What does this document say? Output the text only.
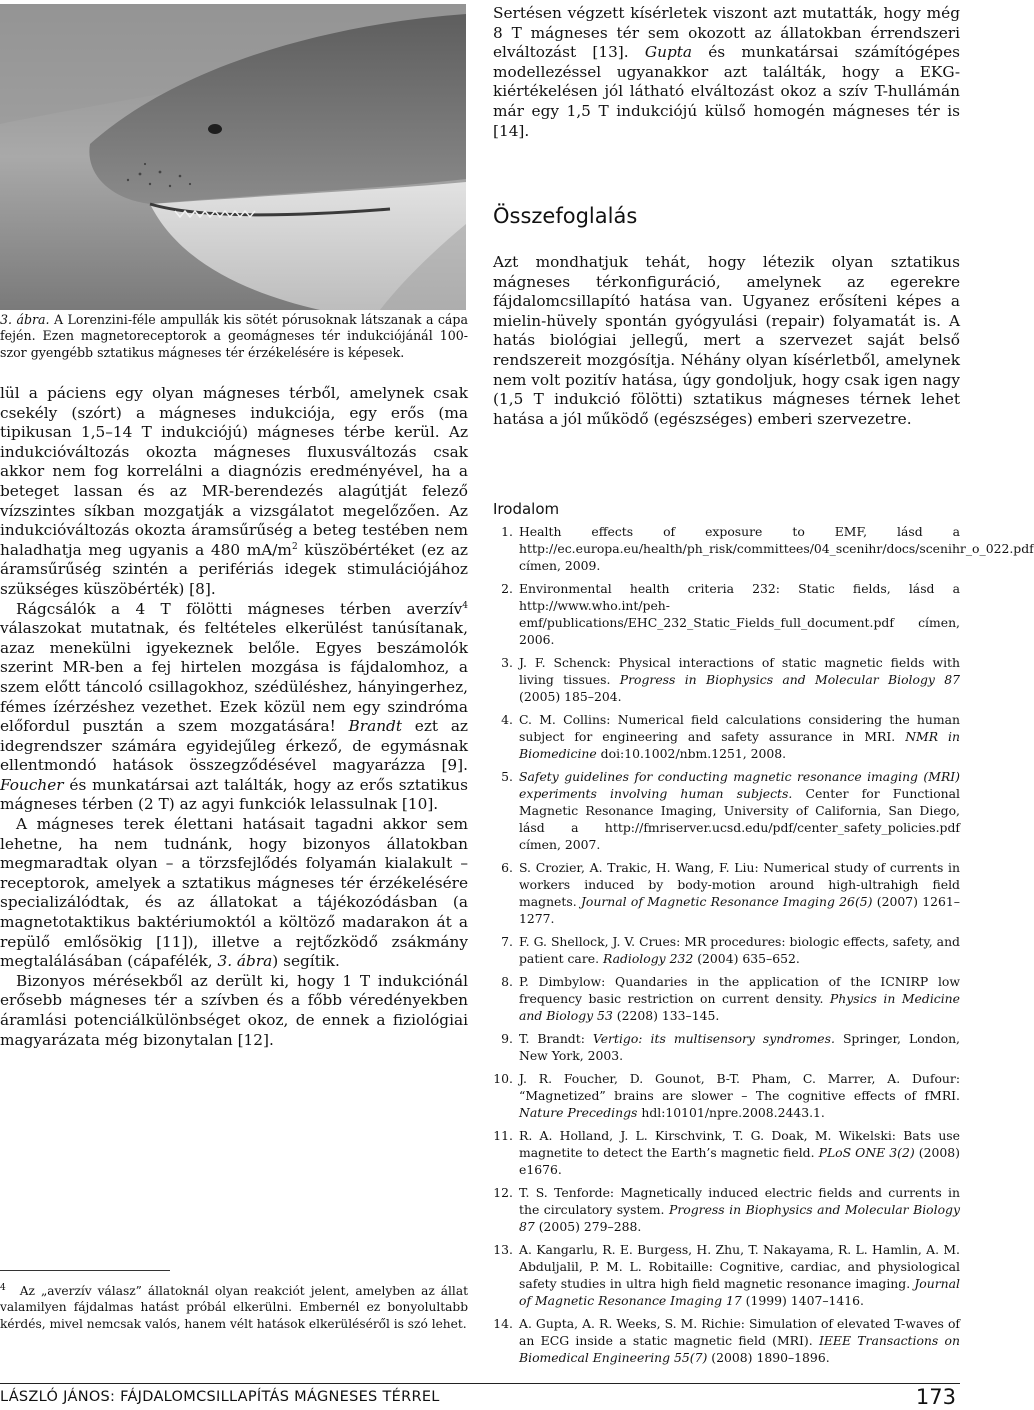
3. ábra. A Lorenzini-féle ampullák kis sötét pórusoknak látszanak a cápa fején. Ezen magnetoreceptorok a geomágneses tér indukciójánál 100-szor gyengébb sztatikus mágneses tér érzékelésére is képesek.

lül a páciens egy olyan mágneses térből, amelynek csak csekély (szórt) a mágneses indukciója, egy erős (ma tipikusan 1,5–14 T indukciójú) mágneses térbe kerül. Az indukcióváltozás okozta mágneses fluxusváltozás csak akkor nem fog korrelálni a diagnózis eredményével, ha a beteget lassan és az MR-berendezés alagútját felező vízszintes síkban mozgatják a vizsgálatot megelőzően. Az indukcióváltozás okozta áramsűrűség a beteg testében nem haladhatja meg ugyanis a 480 $mA/m^2$ küszöbértéket (ez az áramsűrűség szintén a perifériás idegek stimulációjához szükséges küszöbérték) [8].

Rágcsálók a 4 T fölötti mágneses térben averzív$^4$ válaszokat mutatnak, és feltételes elkerülést tanúsítanak, azaz menekülni igyekeznek belőle. Egyes beszámolók szerint MR-ben a fej hirtelen mozgása is fájdalomhoz, a szem előtt táncoló csillagokhoz, szédüléshez, hányingerhez, fémes ízérzéshez vezethet. Ezek közül nem egy szindróma előfordul pusztán a szem mozgatására! Brandt ezt az idegrendszer számára egyidejűleg érkező, de egymásnak ellentmondó hatások összegződésével magyarázza [9]. Foucher és munkatársai azt találták, hogy az erős sztatikus mágneses térben (2 T) az agyi funkciók lelassulnak [10].

A mágneses terek élettani hatásait tagadni akkor sem lehetne, ha nem tudnánk, hogy bizonyos állatokban megmaradtak olyan – a törzsfejlődés folyamán kialakult – receptorok, amelyek a sztatikus mágneses tér érzékelésére specializálódtak, és az állatokat a tájékozódásban (a magnetotaktikus baktériumoktól a költöző madarakon át a repülő emlősökig [11]), illetve a rejtőzködő zsákmány megtalálásában (cápafélék, 3. ábra) segítik.

Bizonyos mérésekből az derült ki, hogy 1 T indukciónál erősebb mágneses tér a szívben és a főbb véredényekben áramlási potenciálkülönbséget okoz, de ennek a fiziológiai magyarázata még bizonytalan [12].

$^4$ Az „averzív válasz” állatoknál olyan reakciót jelent, amelyben az állat valamilyen fájdalmas hatást próbál elkerülni. Embernél ez bonyolultabb kérdés, mivel nemcsak valós, hanem vélt hatások elkerüléséről is szó lehet.
Sertésen végzett kísérletek viszont azt mutatták, hogy még 8 T mágneses tér sem okozott az állatokban érrendszeri elváltozást [13]. Gupta és munkatársai számítógépes modellezéssel ugyanakkor azt találták, hogy a EKG-kiértékelésen jól látható elváltozást okoz a szív T-hullámán már egy 1,5 T indukciójú külső homogén mágneses tér is [14].
Összefoglalás
Azt mondhatjuk tehát, hogy létezik olyan sztatikus mágneses térkonfiguráció, amelynek az egerekre fájdalomcsillapító hatása van. Ugyanez erősíteni képes a mielin-hüvely spontán gyógyulási (repair) folyamatát is. A hatás biológiai jellegű, mert a szervezet saját belső rendszereit mozgósítja. Néhány olyan kísérletből, amelynek nem volt pozitív hatása, úgy gondoljuk, hogy csak igen nagy (1,5 T indukció fölötti) sztatikus mágneses térnek lehet hatása a jól működő (egészséges) emberi szervezetre.
Irodalom
1. Health effects of exposure to EMF, lásd a http://ec.europa.eu/health/ph_risk/committees/04_scenihr/docs/scenihr_o_022.pdf címen, 2009.
2. Environmental health criteria 232: Static fields, lásd a http://www.who.int/peh-emf/publications/EHC_232_Static_Fields_full_document.pdf címen, 2006.
3. J. F. Schenck: Physical interactions of static magnetic fields with living tissues. Progress in Biophysics and Molecular Biology 87 (2005) 185–204.
4. C. M. Collins: Numerical field calculations considering the human subject for engineering and safety assurance in MRI. NMR in Biomedicine doi:10.1002/nbm.1251, 2008.
5. Safety guidelines for conducting magnetic resonance imaging (MRI) experiments involving human subjects. Center for Functional Magnetic Resonance Imaging, University of California, San Diego, lásd a http://fmriserver.ucsd.edu/pdf/center_safety_policies.pdf címen, 2007.
6. S. Crozier, A. Trakic, H. Wang, F. Liu: Numerical study of currents in workers induced by body-motion around high-ultrahigh field magnets. Journal of Magnetic Resonance Imaging 26(5) (2007) 1261–1277.
7. F. G. Shellock, J. V. Crues: MR procedures: biologic effects, safety, and patient care. Radiology 232 (2004) 635–652.
8. P. Dimbylow: Quandaries in the application of the ICNIRP low frequency basic restriction on current density. Physics in Medicine and Biology 53 (2208) 133–145.
9. T. Brandt: Vertigo: its multisensory syndromes. Springer, London, New York, 2003.
10. J. R. Foucher, D. Gounot, B-T. Pham, C. Marrer, A. Dufour: “Magnetized” brains are slower – The cognitive effects of fMRI. Nature Precedings hdl:10101/npre.2008.2443.1.
11. R. A. Holland, J. L. Kirschvink, T. G. Doak, M. Wikelski: Bats use magnetite to detect the Earth’s magnetic field. PLoS ONE 3(2) (2008) e1676.
12. T. S. Tenforde: Magnetically induced electric fields and currents in the circulatory system. Progress in Biophysics and Molecular Biology 87 (2005) 279–288.
13. A. Kangarlu, R. E. Burgess, H. Zhu, T. Nakayama, R. L. Hamlin, A. M. Abduljalil, P. M. L. Robitaille: Cognitive, cardiac, and physiological safety studies in ultra high field magnetic resonance imaging. Journal of Magnetic Resonance Imaging 17 (1999) 1407–1416.
14. A. Gupta, A. R. Weeks, S. M. Richie: Simulation of elevated T-waves of an ECG inside a static magnetic field (MRI). IEEE Transactions on Biomedical Engineering 55(7) (2008) 1890–1896.
LÁSZLÓ JÁNOS: FÁJDALOMCSILLAPÍTÁS MÁGNESES TÉRREL	173
